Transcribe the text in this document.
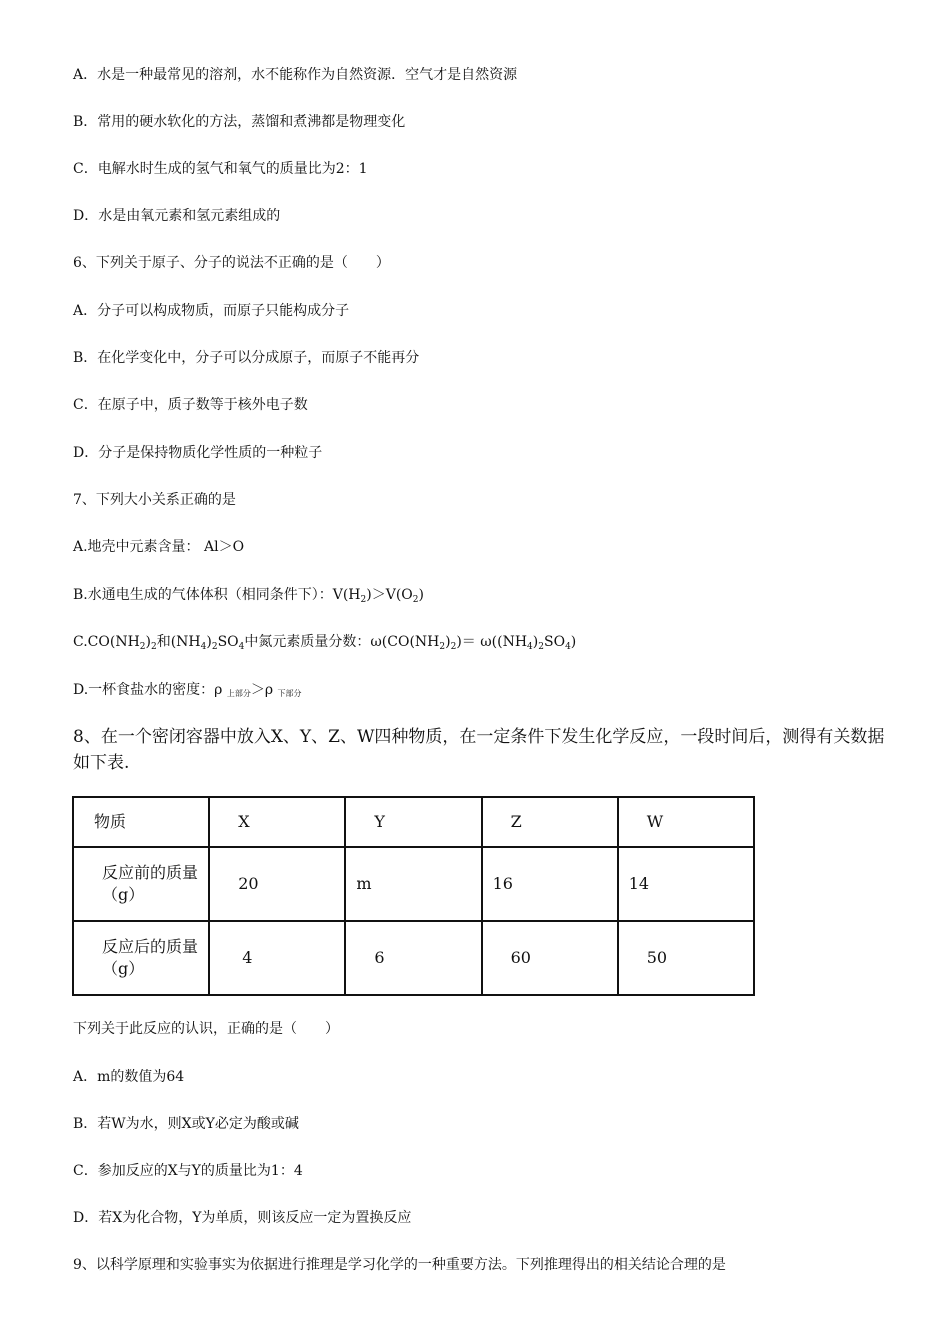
A．水是一种最常见的溶剂，水不能称作为自然资源．空气才是自然资源
B．常用的硬水软化的方法，蒸馏和煮沸都是物理变化
C．电解水时生成的氢气和氧气的质量比为2：1
D．水是由氧元素和氢元素组成的
6、下列关于原子、分子的说法不正确的是（　　）
A．分子可以构成物质，而原子只能构成分子
B．在化学变化中，分子可以分成原子，而原子不能再分
C．在原子中，质子数等于核外电子数
D．分子是保持物质化学性质的一种粒子
7、下列大小关系正确的是
A.地壳中元素含量： Al＞O
B.水通电生成的气体体积（相同条件下）：$V(H_2)>V(O_2)$
$C.CO(NH_2)_2$和$(NH_4)_2SO_4$中氮元素质量分数：$\omega(CO(NH_2)_2)= \omega((NH_4)_2SO_4)$
D.一杯食盐水的密度：ρ 上部分＞ρ 下部分
8、在一个密闭容器中放入X、Y、Z、W四种物质，在一定条件下发生化学反应，一段时间后，测得有关数据如下表.
物质	X	Y	Z	W

反应前的质量（g）	20	m	16	14

反应后的质量（g）	4	6	60	50
下列关于此反应的认识，正确的是（　　）
A．m的数值为64
B．若W为水，则X或Y必定为酸或碱
C．参加反应的X与Y的质量比为1：4
D．若X为化合物，Y为单质，则该反应一定为置换反应
9、以科学原理和实验事实为依据进行推理是学习化学的一种重要方法。下列推理得出的相关结论合理的是
